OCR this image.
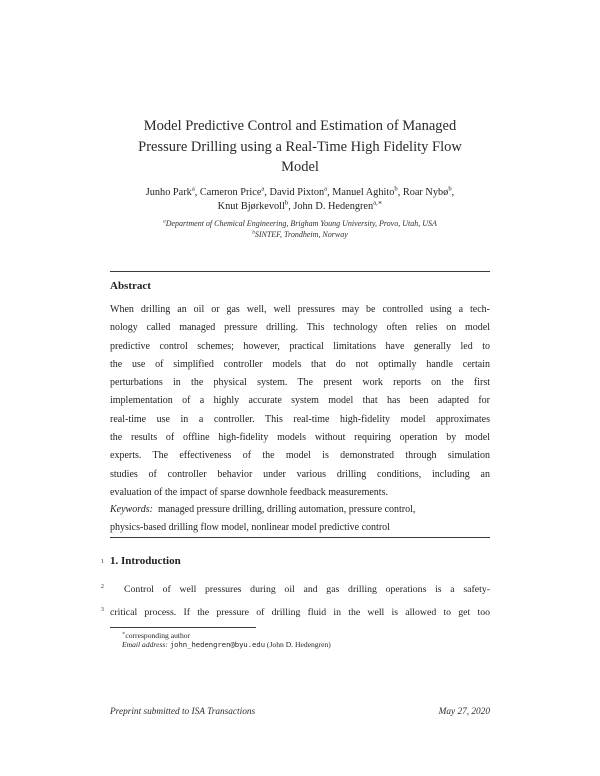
Model Predictive Control and Estimation of Managed
Pressure Drilling using a Real-Time High Fidelity Flow
Model
Junho Park$^a$, Cameron Price$^a$, David Pixton$^a$, Manuel Aghito$^b$, Roar Nybø$^b$,
Knut Bjørkevoll$^b$, John D. Hedengren$^{a,∗}$
$^a$Department of Chemical Engineering, Brigham Young University, Provo, Utah, USA
$^b$SINTEF, Trondheim, Norway
Abstract
When drilling an oil or gas well, well pressures may be controlled using a tech-
nology called managed pressure drilling. This technology often relies on model
predictive control schemes; however, practical limitations have generally led to
the use of simplified controller models that do not optimally handle certain
perturbations in the physical system. The present work reports on the first
implementation of a highly accurate system model that has been adapted for
real-time use in a controller. This real-time high-fidelity model approximates
the results of offline high-fidelity models without requiring operation by model
experts. The effectiveness of the model is demonstrated through simulation
studies of controller behavior under various drilling conditions, including an
evaluation of the impact of sparse downhole feedback measurements.
Keywords:  managed pressure drilling, drilling automation, pressure control,
physics-based drilling flow model, nonlinear model predictive control
1 1. Introduction
2	Control of well pressures during oil and gas drilling operations is a safety-
3 critical process. If the pressure of drilling fluid in the well is allowed to get too
∗corresponding author
Email address: john_hedengren@byu.edu (John D. Hedengren)
Preprint submitted to ISA Transactions	May 27, 2020
